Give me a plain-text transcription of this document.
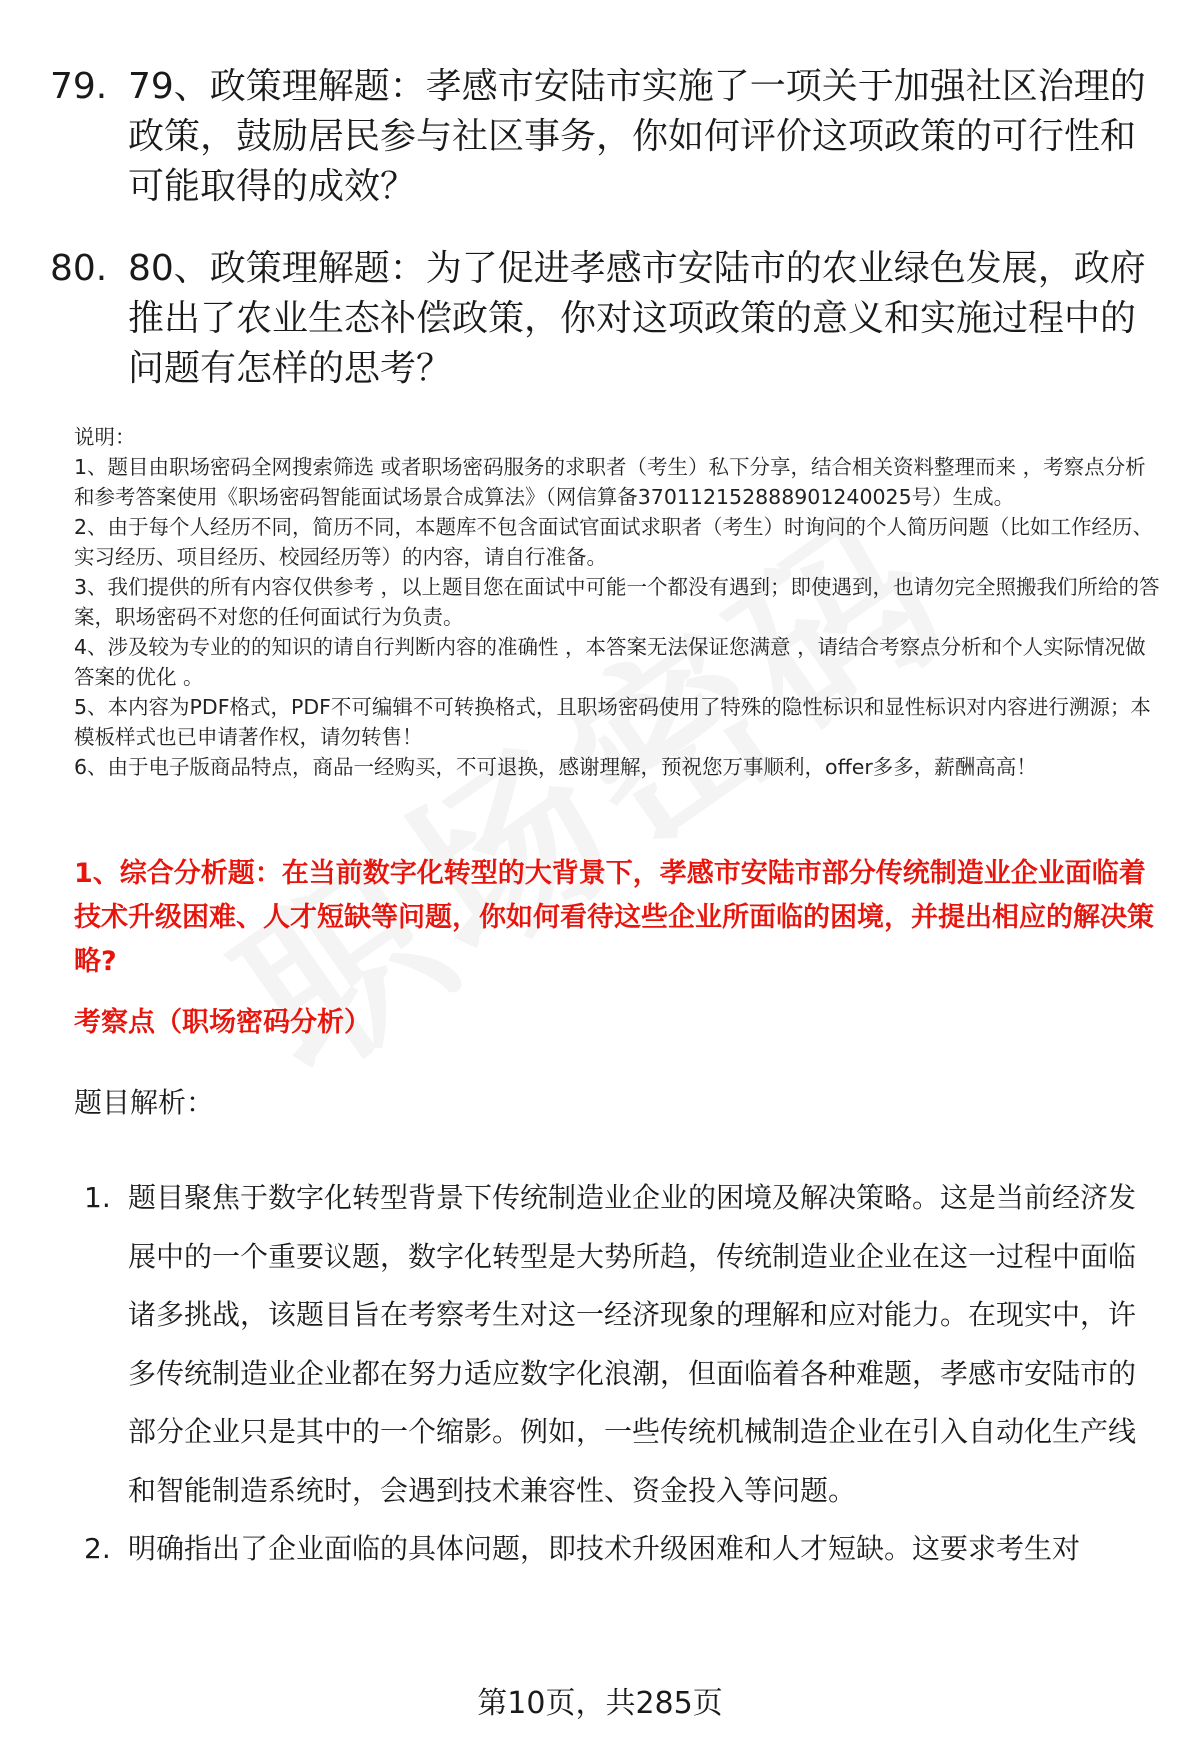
79. 79、政策理解题：孝感市安陆市实施了一项关于加强社区治理的政策，鼓励居民参与社区事务，你如何评价这项政策的可行性和可能取得的成效？
80. 80、政策理解题：为了促进孝感市安陆市的农业绿色发展，政府推出了农业生态补偿政策，你对这项政策的意义和实施过程中的问题有怎样的思考？

说明：

1、题目由职场密码全网搜索筛选 或者职场密码服务的求职者（考生）私下分享，结合相关资料整理而来 ，考察点分析和参考答案使用《职场密码智能面试场景合成算法》（网信算备370112152888901240025号）生成。

2、由于每个人经历不同，简历不同，本题库不包含面试官面试求职者（考生）时询问的个人简历问题（比如工作经历、实习经历、项目经历、校园经历等）的内容，请自行准备。

3、我们提供的所有内容仅供参考 ，以上题目您在面试中可能一个都没有遇到；即使遇到，也请勿完全照搬我们所给的答案，职场密码不对您的任何面试行为负责。

4、涉及较为专业的的知识的请自行判断内容的准确性 ，本答案无法保证您满意 ，请结合考察点分析和个人实际情况做答案的优化 。

5、本内容为PDF格式，PDF不可编辑不可转换格式，且职场密码使用了特殊的隐性标识和显性标识对内容进行溯源；本模板样式也已申请著作权，请勿转售！

6、由于电子版商品特点，商品一经购买，不可退换，感谢理解，预祝您万事顺利，offer多多，薪酬高高！

1、综合分析题：在当前数字化转型的大背景下，孝感市安陆市部分传统制造业企业面临着技术升级困难、人才短缺等问题，你如何看待这些企业所面临的困境，并提出相应的解决策略?
考察点（职场密码分析）
题目解析：
1. 题目聚焦于数字化转型背景下传统制造业企业的困境及解决策略。这是当前经济发展中的一个重要议题，数字化转型是大势所趋，传统制造业企业在这一过程中面临诸多挑战，该题目旨在考察考生对这一经济现象的理解和应对能力。在现实中，许多传统制造业企业都在努力适应数字化浪潮，但面临着各种难题，孝感市安陆市的部分企业只是其中的一个缩影。例如，一些传统机械制造企业在引入自动化生产线和智能制造系统时，会遇到技术兼容性、资金投入等问题。
2. 明确指出了企业面临的具体问题，即技术升级困难和人才短缺。这要求考生对
第10页，共285页
